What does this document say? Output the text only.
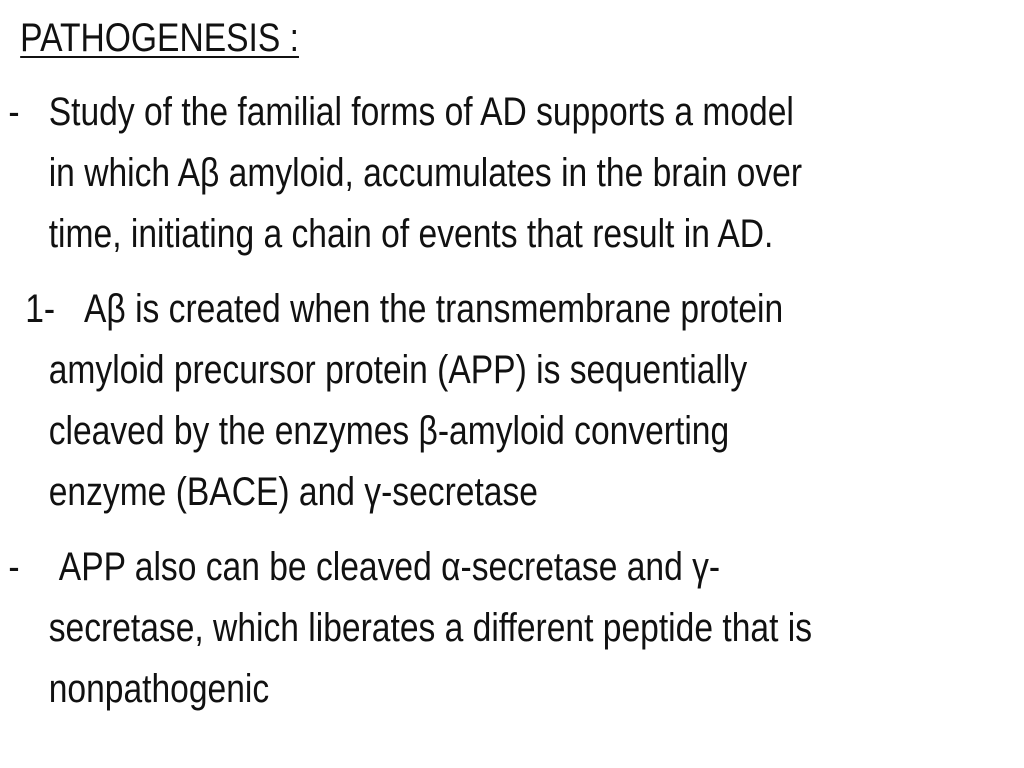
PATHOGENESIS :
- Study of the familial forms of AD supports a model
in which Aβ amyloid, accumulates in the brain over
time, initiating a chain of events that result in AD.
1- Aβ is created when the transmembrane protein
amyloid precursor protein (APP) is sequentially
cleaved by the enzymes β-amyloid converting
enzyme (BACE) and γ-secretase
- APP also can be cleaved α-secretase and γ-
secretase, which liberates a different peptide that is
nonpathogenic
